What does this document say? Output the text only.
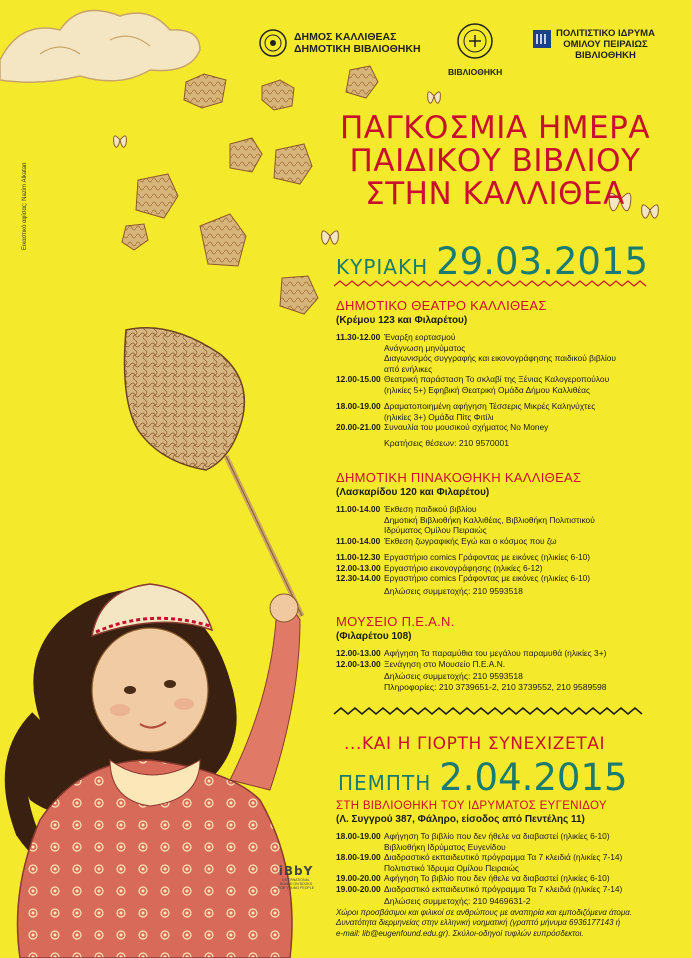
Εικαστικό αφίσας: Nazim Alkatan
ΔΗΜΟΣ ΚΑΛΛΙΘΕΑΣ
ΔΗΜΟΤΙΚΗ ΒΙΒΛΙΟΘΗΚΗ
ΒΙΒΛΙΟΘΗΚΗ
ΠΟΛΙΤΙΣΤΙΚΟ ΙΔΡΥΜΑ
ΟΜΙΛΟΥ ΠΕΙΡΑΙΩΣ
ΒΙΒΛΙΟΘΗΚΗ
ΠΑΓΚΟΣΜΙΑ ΗΜΕΡΑ
ΠΑΙΔΙΚΟΥ ΒΙΒΛΙΟΥ
ΣΤΗΝ ΚΑΛΛΙΘΕΑ
ΚΥΡΙΑΚΗ 29.03.2015
ΔΗΜΟΤΙΚΟ ΘΕΑΤΡΟ ΚΑΛΛΙΘΕΑΣ
(Κρέμου 123 και Φιλαρέτου)
11.30-12.00 Έναρξη εορτασμού
Ανάγνωση μηνύματος
Διαγωνισμός συγγραφής και εικονογράφησης παιδικού βιβλίου
από ενήλικες
12.00-15.00 Θεατρική παράσταση Το σκλαβί της Ξένιας Καλογεροπούλου
(ηλικίες 5+) Εφηβική Θεατρική Ομάδα Δήμου Καλλιθέας
18.00-19.00 Δραματοποιημένη αφήγηση Τέσσερις Μικρές Καληνύχτες
(ηλικίες 3+) Ομάδα Πίτς Φιτίλι
20.00-21.00 Συναυλία του μουσικού σχήματος No Money
Κρατήσεις θέσεων: 210 9570001
ΔΗΜΟΤΙΚΗ ΠΙΝΑΚΟΘΗΚΗ ΚΑΛΛΙΘΕΑΣ
(Λασκαρίδου 120 και Φιλαρέτου)
11.00-14.00 Έκθεση παιδικού βιβλίου
Δημοτική Βιβλιοθήκη Καλλιθέας, Βιβλιοθήκη Πολιτιστικού
Ιδρύματος Ομίλου Πειραιώς
11.00-14.00 Έκθεση ζωγραφικής Εγώ και ο κόσμος που ζω
11.00-12.30 Εργαστήριο comics Γράφοντας με εικόνες (ηλικίες 6-10)
12.00-13.00 Εργαστήριο εικονογράφησης (ηλικίες 6-12)
12.30-14.00 Εργαστήριο comics Γράφοντας με εικόνες (ηλικίες 6-10)
Δηλώσεις συμμετοχής: 210 9593518
ΜΟΥΣΕΙΟ Π.Ε.Α.Ν.
(Φιλαρέτου 108)
12.00-13.00 Αφήγηση Τα παραμύθια του μεγάλου παραμυθά (ηλικίες 3+)
12.00-13.00 Ξενάγηση στο Μουσείο Π.Ε.Α.Ν.
Δηλώσεις συμμετοχής: 210 9593518
Πληροφορίες: 210 3739651-2, 210 3739552, 210 9589598
...ΚΑΙ Η ΓΙΟΡΤΗ ΣΥΝΕΧΙΖΕΤΑΙ
ΠΕΜΠΤΗ 2.04.2015
ΣΤΗ ΒΙΒΛΙΟΘΗΚΗ ΤΟΥ ΙΔΡΥΜΑΤΟΣ ΕΥΓΕΝΙΔΟΥ
(Λ. Συγγρού 387, Φάληρο, είσοδος από Πεντέλης 11)
18.00-19.00 Αφήγηση Το βιβλίο που δεν ήθελε να διαβαστεί (ηλικίες 6-10)
Βιβλιοθήκη Ιδρύματος Ευγενίδου
18.00-19.00 Διαδραστικό εκπαιδευτικό πρόγραμμα Τα 7 κλειδιά (ηλικίες 7-14)
Πολιτιστικό Ίδρυμα Ομίλου Πειραιώς
19.00-20.00 Αφήγηση Το βιβλίο που δεν ήθελε να διαβαστεί (ηλικίες 6-10)
19.00-20.00 Διαδραστικό εκπαιδευτικό πρόγραμμα Τα 7 κλειδιά (ηλικίες 7-14)
Δηλώσεις συμμετοχής: 210 9469631-2
Χώροι προσβάσιμοι και φιλικοί σε ανθρώπους με αναπηρία και εμποδιζόμενα άτομα.
Δυνατότητα διερμηνείας στην ελληνική νοηματική (γραπτό μήνυμα 6936177143 ή
e-mail: lib@eugenfound.edu.gr). Σκύλοι-οδηγοί τυφλών ευπρόσδεκτοι.
iBbY
INTERNATIONAL BOARD ON BOOKS FOR YOUNG PEOPLE
